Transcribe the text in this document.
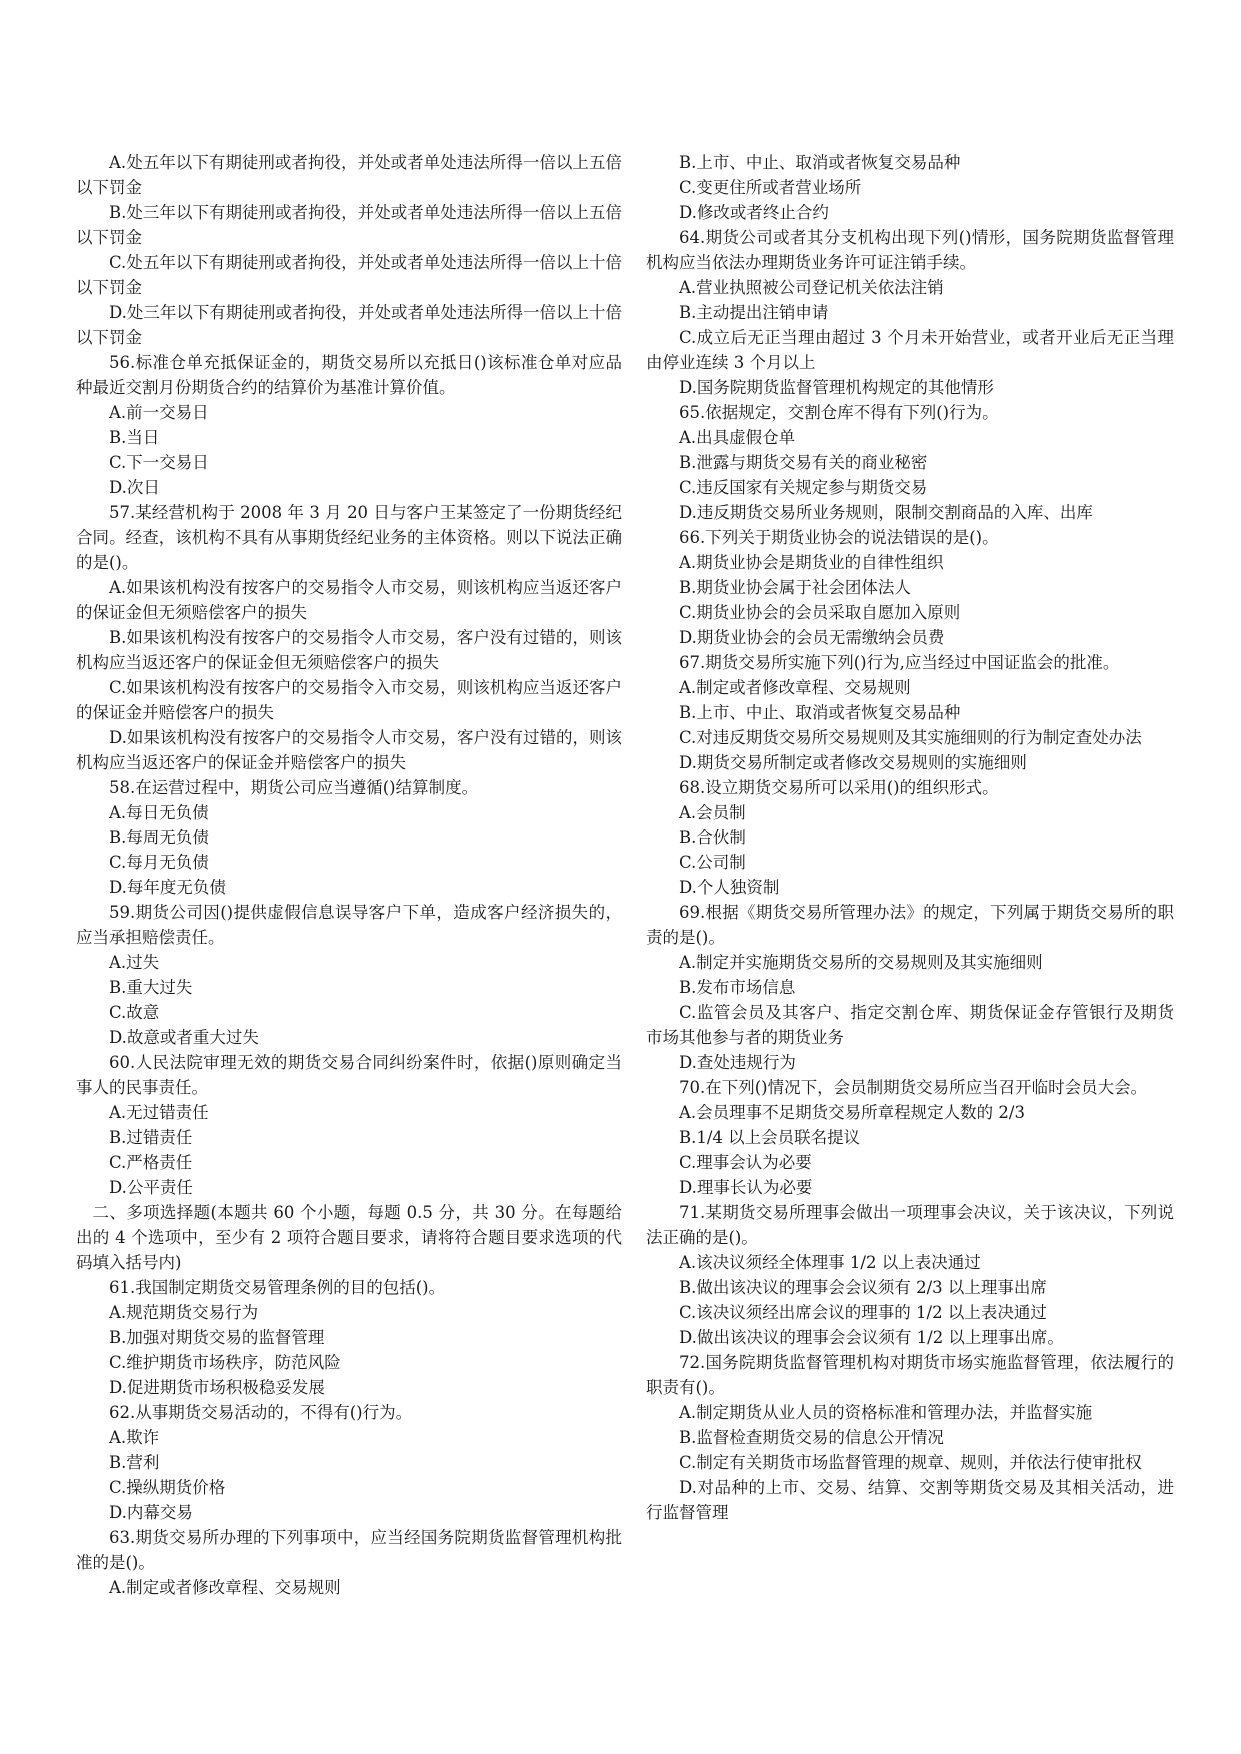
A.处五年以下有期徒刑或者拘役，并处或者单处违法所得一倍以上五倍以下罚金

B.处三年以下有期徒刑或者拘役，并处或者单处违法所得一倍以上五倍以下罚金

C.处五年以下有期徒刑或者拘役，并处或者单处违法所得一倍以上十倍以下罚金

D.处三年以下有期徒刑或者拘役，并处或者单处违法所得一倍以上十倍以下罚金

56.标准仓单充抵保证金的，期货交易所以充抵日()该标准仓单对应品种最近交割月份期货合约的结算价为基准计算价值。

A.前一交易日

B.当日

C.下一交易日

D.次日

57.某经营机构于 2008 年 3 月 20 日与客户王某签定了一份期货经纪合同。经查，该机构不具有从事期货经纪业务的主体资格。则以下说法正确的是()。

A.如果该机构没有按客户的交易指令人市交易，则该机构应当返还客户的保证金但无须赔偿客户的损失

B.如果该机构没有按客户的交易指令人市交易，客户没有过错的，则该机构应当返还客户的保证金但无须赔偿客户的损失

C.如果该机构没有按客户的交易指令入市交易，则该机构应当返还客户的保证金并赔偿客户的损失

D.如果该机构没有按客户的交易指令人市交易，客户没有过错的，则该机构应当返还客户的保证金并赔偿客户的损失

58.在运营过程中，期货公司应当遵循()结算制度。

A.每日无负债

B.每周无负债

C.每月无负债

D.每年度无负债

59.期货公司因()提供虚假信息误导客户下单，造成客户经济损失的，应当承担赔偿责任。

A.过失

B.重大过失

C.故意

D.故意或者重大过失

60.人民法院审理无效的期货交易合同纠纷案件时，依据()原则确定当事人的民事责任。

A.无过错责任

B.过错责任

C.严格责任

D.公平责任

二、多项选择题(本题共 60 个小题，每题 0.5 分，共 30 分。在每题给出的 4 个选项中，至少有 2 项符合题目要求，请将符合题目要求选项的代码填入括号内)

61.我国制定期货交易管理条例的目的包括()。

A.规范期货交易行为

B.加强对期货交易的监督管理

C.维护期货市场秩序，防范风险

D.促进期货市场积极稳妥发展

62.从事期货交易活动的，不得有()行为。

A.欺诈

B.营利

C.操纵期货价格

D.内幕交易

63.期货交易所办理的下列事项中，应当经国务院期货监督管理机构批准的是()。

A.制定或者修改章程、交易规则

B.上市、中止、取消或者恢复交易品种

C.变更住所或者营业场所

D.修改或者终止合约

64.期货公司或者其分支机构出现下列()情形，国务院期货监督管理机构应当依法办理期货业务许可证注销手续。

A.营业执照被公司登记机关依法注销

B.主动提出注销申请

C.成立后无正当理由超过 3 个月未开始营业，或者开业后无正当理由停业连续 3 个月以上

D.国务院期货监督管理机构规定的其他情形

65.依据规定，交割仓库不得有下列()行为。

A.出具虚假仓单

B.泄露与期货交易有关的商业秘密

C.违反国家有关规定参与期货交易

D.违反期货交易所业务规则，限制交割商品的入库、出库

66.下列关于期货业协会的说法错误的是()。

A.期货业协会是期货业的自律性组织

B.期货业协会属于社会团体法人

C.期货业协会的会员采取自愿加入原则

D.期货业协会的会员无需缴纳会员费

67.期货交易所实施下列()行为,应当经过中国证监会的批准。

A.制定或者修改章程、交易规则

B.上市、中止、取消或者恢复交易品种

C.对违反期货交易所交易规则及其实施细则的行为制定查处办法

D.期货交易所制定或者修改交易规则的实施细则

68.设立期货交易所可以采用()的组织形式。

A.会员制

B.合伙制

C.公司制

D.个人独资制

69.根据《期货交易所管理办法》的规定，下列属于期货交易所的职责的是()。

A.制定并实施期货交易所的交易规则及其实施细则

B.发布市场信息

C.监管会员及其客户、指定交割仓库、期货保证金存管银行及期货市场其他参与者的期货业务

D.查处违规行为

70.在下列()情况下，会员制期货交易所应当召开临时会员大会。

A.会员理事不足期货交易所章程规定人数的 2/3

B.1/4 以上会员联名提议

C.理事会认为必要

D.理事长认为必要

71.某期货交易所理事会做出一项理事会决议，关于该决议，下列说法正确的是()。

A.该决议须经全体理事 1/2 以上表决通过

B.做出该决议的理事会会议须有 2/3 以上理事出席

C.该决议须经出席会议的理事的 1/2 以上表决通过

D.做出该决议的理事会会议须有 1/2 以上理事出席。

72.国务院期货监督管理机构对期货市场实施监督管理，依法履行的职责有()。

A.制定期货从业人员的资格标准和管理办法，并监督实施

B.监督检查期货交易的信息公开情况

C.制定有关期货市场监督管理的规章、规则，并依法行使审批权

D.对品种的上市、交易、结算、交割等期货交易及其相关活动，进行监督管理
